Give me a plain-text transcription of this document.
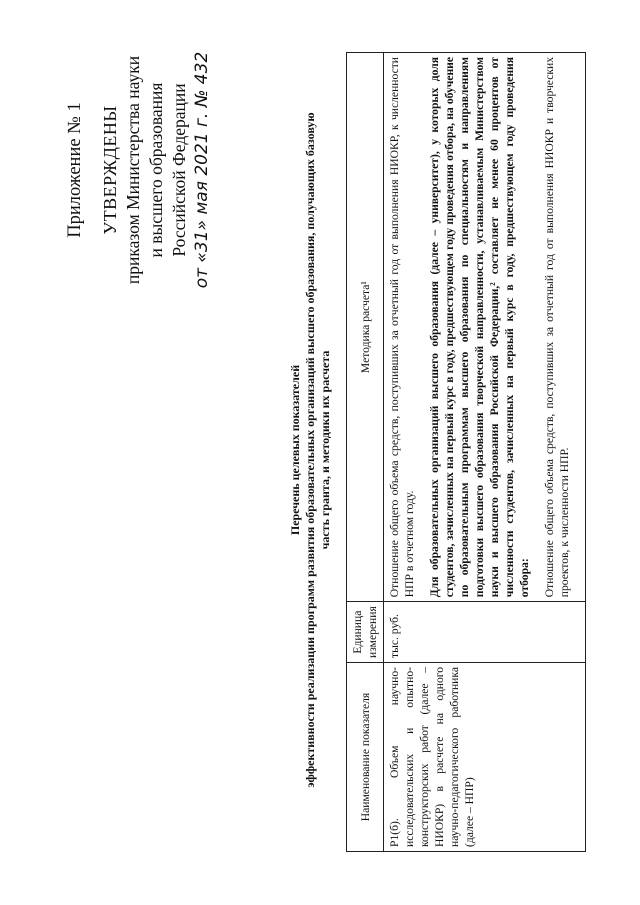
Приложение № 1 УТВЕРЖДЕНЫ приказом Министерства науки и высшего образования Российской Федерации от «31» мая 2021 г. № 432
Перечень целевых показателей эффективности реализации программ развития образовательных организаций высшего образования, получающих базовую часть гранта, и методики их расчета
Наименование показателя	Единица измерения	Методика расчета¹
P1(б). Объем научно-исследовательских и опытно-конструкторских работ (далее – НИОКР) в расчете на одного научно-педагогического работника (далее – НПР)	тыс. руб.	Отношение общего объема средств, поступивших за отчетный год от выполнения НИОКР, к численности НПР в отчетном году. Для образовательных организаций высшего образования (далее – университет), у которых доля студентов, зачисленных на первый курс в году, предшествующем году проведения отбора, на обучение по образовательным программам высшего образования по специальностям и направлениям подготовки высшего образования творческой направленности, устанавливаемым Министерством науки и высшего образования Российской Федерации,² составляет не менее 60 процентов от численности студентов, зачисленных на первый курс в году, предшествующем году проведения отбора: Отношение общего объема средств, поступивших за отчетный год от выполнения НИОКР и творческих проектов, к численности НПР.
